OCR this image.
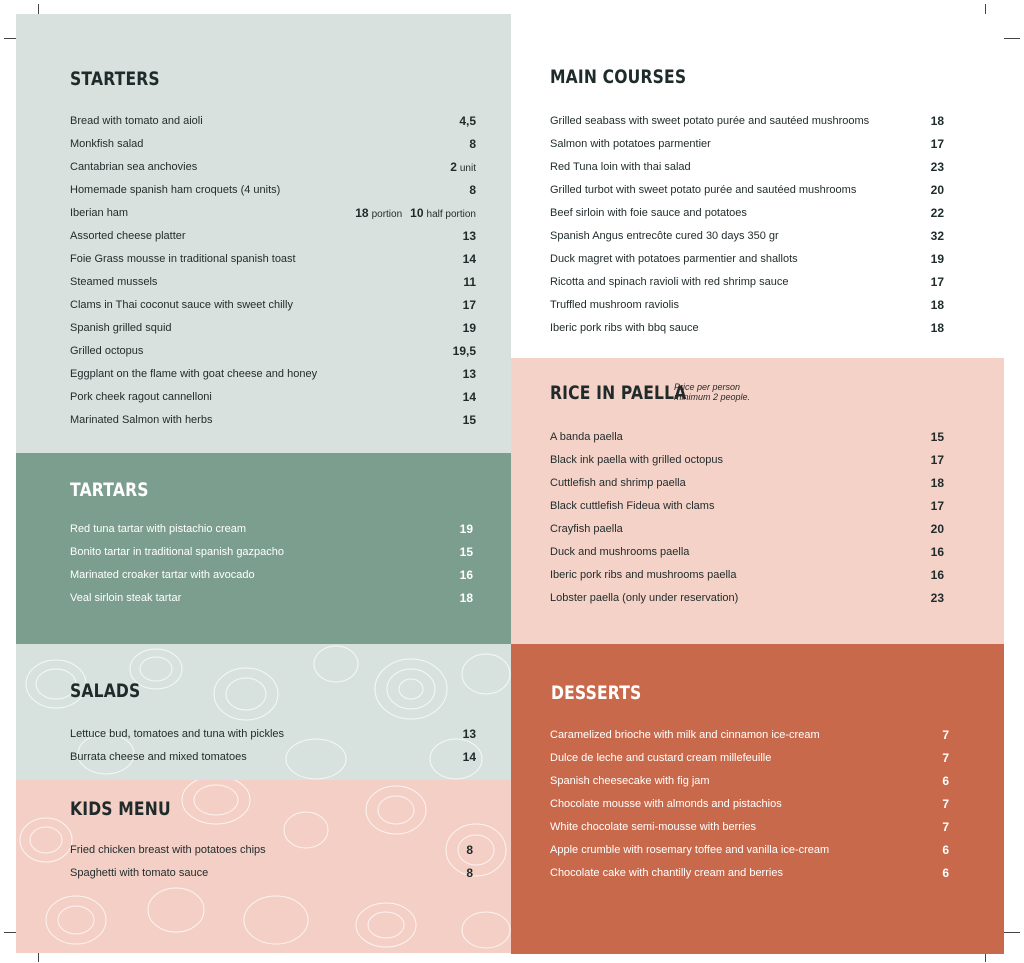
STARTERS
Bread with tomato and aioli	4,5
Monkfish salad	8
Cantabrian sea anchovies	2 unit
Homemade spanish ham croquets (4 units)	8
Iberian ham	18 portion 10 half portion
Assorted cheese platter	13
Foie Grass mousse in traditional spanish toast	14
Steamed mussels	11
Clams in Thai coconut sauce with sweet chilly	17
Spanish grilled squid	19
Grilled octopus	19,5
Eggplant on the flame with goat cheese and honey	13
Pork cheek ragout cannelloni	14
Marinated Salmon with herbs	15
TARTARS
Red tuna tartar with pistachio cream	19
Bonito tartar in traditional spanish gazpacho	15
Marinated croaker tartar with avocado	16
Veal sirloin steak tartar	18
SALADS
Lettuce bud, tomatoes and tuna with pickles	13
Burrata cheese and mixed tomatoes	14
KIDS MENU
Fried chicken breast with potatoes chips	8
Spaghetti with tomato sauce	8
MAIN COURSES
Grilled seabass with sweet potato purée and sautéed mushrooms	18
Salmon with potatoes parmentier	17
Red Tuna loin with thai salad	23
Grilled turbot with sweet potato purée and sautéed mushrooms	20
Beef sirloin with foie sauce and potatoes	22
Spanish Angus entrecôte cured 30 days 350 gr	32
Duck magret with potatoes parmentier and shallots	19
Ricotta and spinach ravioli with red shrimp sauce	17
Truffled mushroom raviolis	18
Iberic pork ribs with bbq sauce	18
RICE IN PAELLA
Price per person
minimum 2 people.
A banda paella	15
Black ink paella with grilled octopus	17
Cuttlefish and shrimp paella	18
Black cuttlefish Fideua with clams	17
Crayfish paella	20
Duck and mushrooms paella	16
Iberic pork ribs and mushrooms paella	16
Lobster paella (only under reservation)	23
DESSERTS
Caramelized brioche with milk and cinnamon ice-cream	7
Dulce de leche and custard cream millefeuille	7
Spanish cheesecake with fig jam	6
Chocolate mousse with almonds and pistachios	7
White chocolate semi-mousse with berries	7
Apple crumble with rosemary toffee and vanilla ice-cream	6
Chocolate cake with chantilly cream and berries	6
